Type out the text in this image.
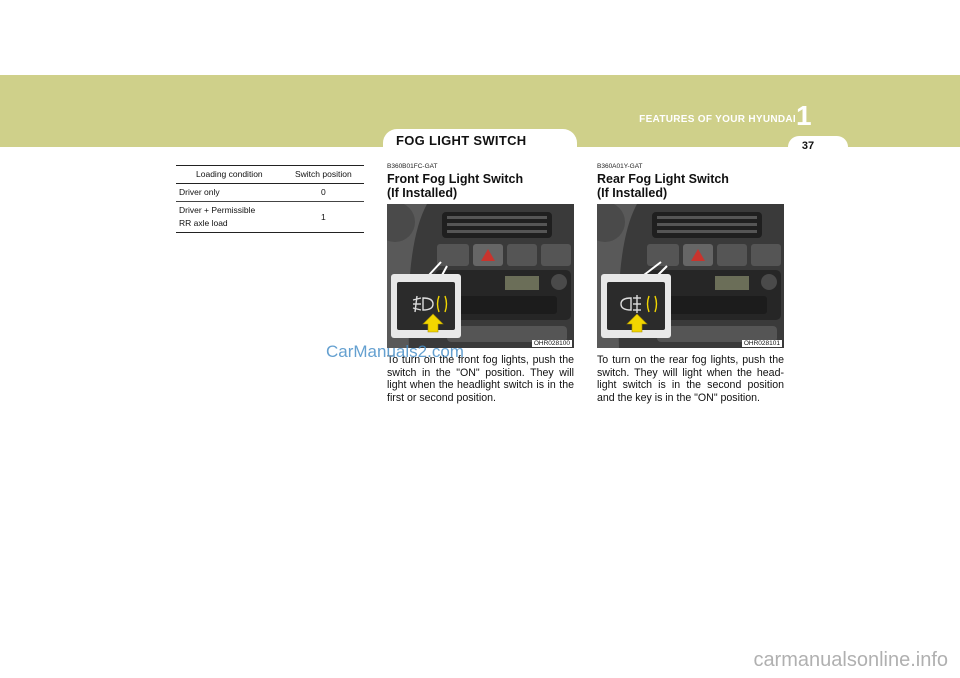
FEATURES OF YOUR HYUNDAI 1
37
FOG LIGHT SWITCH
Loading condition	Switch position
Driver only	0
Driver + Permissible
RR axle load	1
B360B01FC-GAT
Front Fog Light Switch
(If Installed)
OHR028100
To turn on the front fog lights, push the switch in the "ON" position. They will light when the headlight switch is in the first or second position.
B360A01Y-GAT
Rear Fog Light Switch
(If Installed)
OHR028101
To turn on the rear fog lights, push the switch. They will light when the head-light switch is in the second position and the key is in the "ON" position.
CarManuals2.com
carmanualsonline.info
